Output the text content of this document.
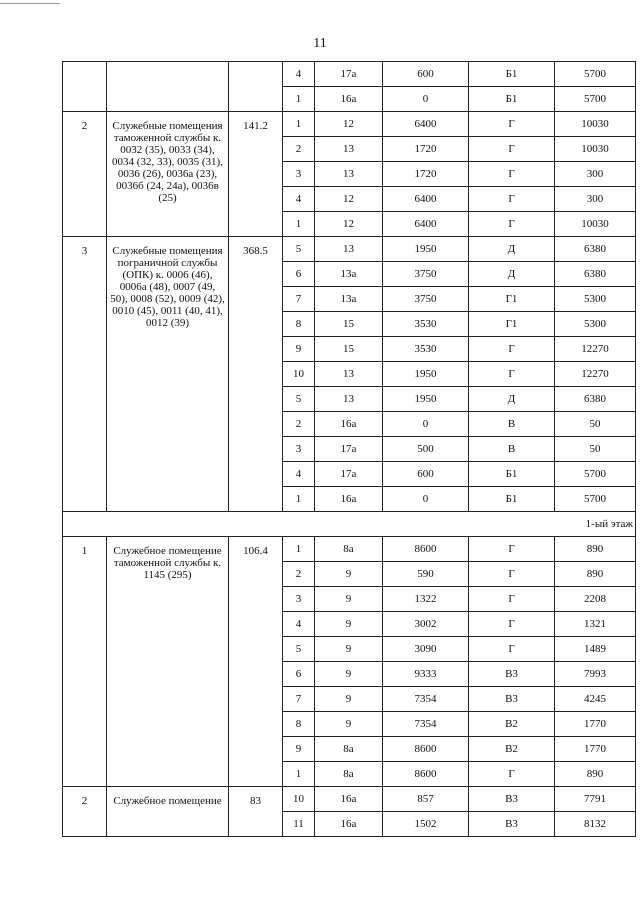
11
			4	17а	600	Б1	5700
			1	16а	0	Б1	5700
2	Служебные помещения таможенной службы к. 0032 (35), 0033 (34), 0034 (32, 33), 0035 (31), 0036 (26), 0036а (23), 0036б (24, 24а), 0036в (25)	141.2	1	12	6400	Г	10030
			2	13	1720	Г	10030
			3	13	1720	Г	300
			4	12	6400	Г	300
			1	12	6400	Г	10030
3	Служебные помещения пограничной службы (ОПК) к. 0006 (46), 0006а (48), 0007 (49, 50), 0008 (52), 0009 (42), 0010 (45), 0011 (40, 41), 0012 (39)	368.5	5	13	1950	Д	6380
			6	13а	3750	Д	6380
			7	13а	3750	Г1	5300
			8	15	3530	Г1	5300
			9	15	3530	Г	12270
			10	13	1950	Г	12270
			5	13	1950	Д	6380
			2	16а	0	В	50
			3	17а	500	В	50
			4	17а	600	Б1	5700
			1	16а	0	Б1	5700
1-ый этаж							
1	Служебное помещение таможенной службы к. 1145 (295)	106.4	1	8а	8600	Г	890
			2	9	590	Г	890
			3	9	1322	Г	2208
			4	9	3002	Г	1321
			5	9	3090	Г	1489
			6	9	9333	В3	7993
			7	9	7354	В3	4245
			8	9	7354	В2	1770
			9	8а	8600	В2	1770
			1	8а	8600	Г	890
2	Служебное помещение	83	10	16а	857	В3	7791
			11	16а	1502	В3	8132
